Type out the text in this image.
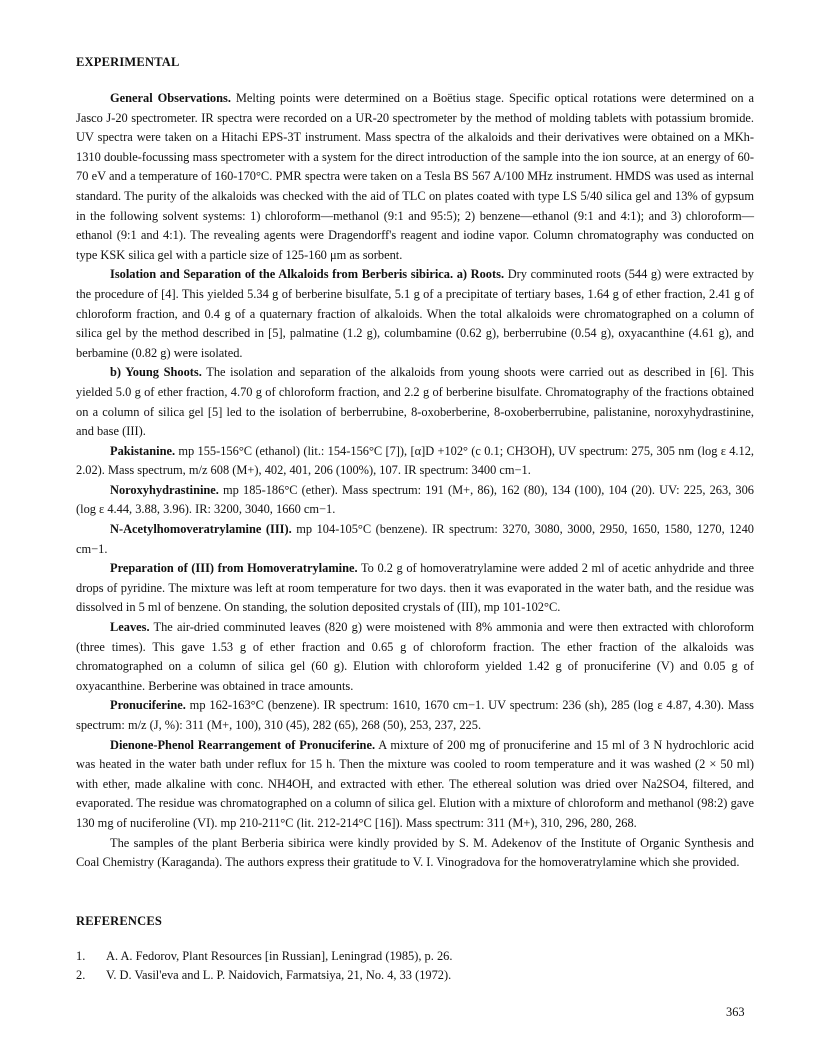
EXPERIMENTAL

General Observations. Melting points were determined on a Boëtius stage. Specific optical rotations were determined on a Jasco J-20 spectrometer. IR spectra were recorded on a UR-20 spectrometer by the method of molding tablets with potassium bromide. UV spectra were taken on a Hitachi EPS-3T instrument. Mass spectra of the alkaloids and their derivatives were obtained on a MKh-1310 double-focussing mass spectrometer with a system for the direct introduction of the sample into the ion source, at an energy of 60-70 eV and a temperature of 160-170°C. PMR spectra were taken on a Tesla BS 567 A/100 MHz instrument. HMDS was used as internal standard. The purity of the alkaloids was checked with the aid of TLC on plates coated with type LS 5/40 silica gel and 13% of gypsum in the following solvent systems: 1) chloroform—methanol (9:1 and 95:5); 2) benzene—ethanol (9:1 and 4:1); and 3) chloroform—ethanol (9:1 and 4:1). The revealing agents were Dragendorff's reagent and iodine vapor. Column chromatography was conducted on type KSK silica gel with a particle size of 125-160 μm as sorbent.

Isolation and Separation of the Alkaloids from Berberis sibirica. a) Roots. Dry comminuted roots (544 g) were extracted by the procedure of [4]. This yielded 5.34 g of berberine bisulfate, 5.1 g of a precipitate of tertiary bases, 1.64 g of ether fraction, 2.41 g of chloroform fraction, and 0.4 g of a quaternary fraction of alkaloids. When the total alkaloids were chromatographed on a column of silica gel by the method described in [5], palmatine (1.2 g), columbamine (0.62 g), berberrubine (0.54 g), oxyacanthine (4.61 g), and berbamine (0.82 g) were isolated.

b) Young Shoots. The isolation and separation of the alkaloids from young shoots were carried out as described in [6]. This yielded 5.0 g of ether fraction, 4.70 g of chloroform fraction, and 2.2 g of berberine bisulfate. Chromatography of the fractions obtained on a column of silica gel [5] led to the isolation of berberrubine, 8-oxoberberine, 8-oxoberberrubine, palistanine, noroxyhydrastinine, and base (III).

Pakistanine. mp 155-156°C (ethanol) (lit.: 154-156°C [7]), [α]D +102° (c 0.1; CH3OH), UV spectrum: 275, 305 nm (log ε 4.12, 2.02). Mass spectrum, m/z 608 (M+), 402, 401, 206 (100%), 107. IR spectrum: 3400 cm−1.

Noroxyhydrastinine. mp 185-186°C (ether). Mass spectrum: 191 (M+, 86), 162 (80), 134 (100), 104 (20). UV: 225, 263, 306 (log ε 4.44, 3.88, 3.96). IR: 3200, 3040, 1660 cm−1.

N-Acetylhomoveratrylamine (III). mp 104-105°C (benzene). IR spectrum: 3270, 3080, 3000, 2950, 1650, 1580, 1270, 1240 cm−1.

Preparation of (III) from Homoveratrylamine. To 0.2 g of homoveratrylamine were added 2 ml of acetic anhydride and three drops of pyridine. The mixture was left at room temperature for two days. then it was evaporated in the water bath, and the residue was dissolved in 5 ml of benzene. On standing, the solution deposited crystals of (III), mp 101-102°C.

Leaves. The air-dried comminuted leaves (820 g) were moistened with 8% ammonia and were then extracted with chloroform (three times). This gave 1.53 g of ether fraction and 0.65 g of chloroform fraction. The ether fraction of the alkaloids was chromatographed on a column of silica gel (60 g). Elution with chloroform yielded 1.42 g of pronuciferine (V) and 0.05 g of oxyacanthine. Berberine was obtained in trace amounts.

Pronuciferine. mp 162-163°C (benzene). IR spectrum: 1610, 1670 cm−1. UV spectrum: 236 (sh), 285 (log ε 4.87, 4.30). Mass spectrum: m/z (J, %): 311 (M+, 100), 310 (45), 282 (65), 268 (50), 253, 237, 225.

Dienone-Phenol Rearrangement of Pronuciferine. A mixture of 200 mg of pronuciferine and 15 ml of 3 N hydrochloric acid was heated in the water bath under reflux for 15 h. Then the mixture was cooled to room temperature and it was washed (2 × 50 ml) with ether, made alkaline with conc. NH4OH, and extracted with ether. The ethereal solution was dried over Na2SO4, filtered, and evaporated. The residue was chromatographed on a column of silica gel. Elution with a mixture of chloroform and methanol (98:2) gave 130 mg of nuciferoline (VI). mp 210-211°C (lit. 212-214°C [16]). Mass spectrum: 311 (M+), 310, 296, 280, 268.

The samples of the plant Berberia sibirica were kindly provided by S. M. Adekenov of the Institute of Organic Synthesis and Coal Chemistry (Karaganda). The authors express their gratitude to V. I. Vinogradova for the homoveratrylamine which she provided.

REFERENCES
1.	A. A. Fedorov, Plant Resources [in Russian], Leningrad (1985), p. 26.
2.	V. D. Vasil'eva and L. P. Naidovich, Farmatsiya, 21, No. 4, 33 (1972).
363
